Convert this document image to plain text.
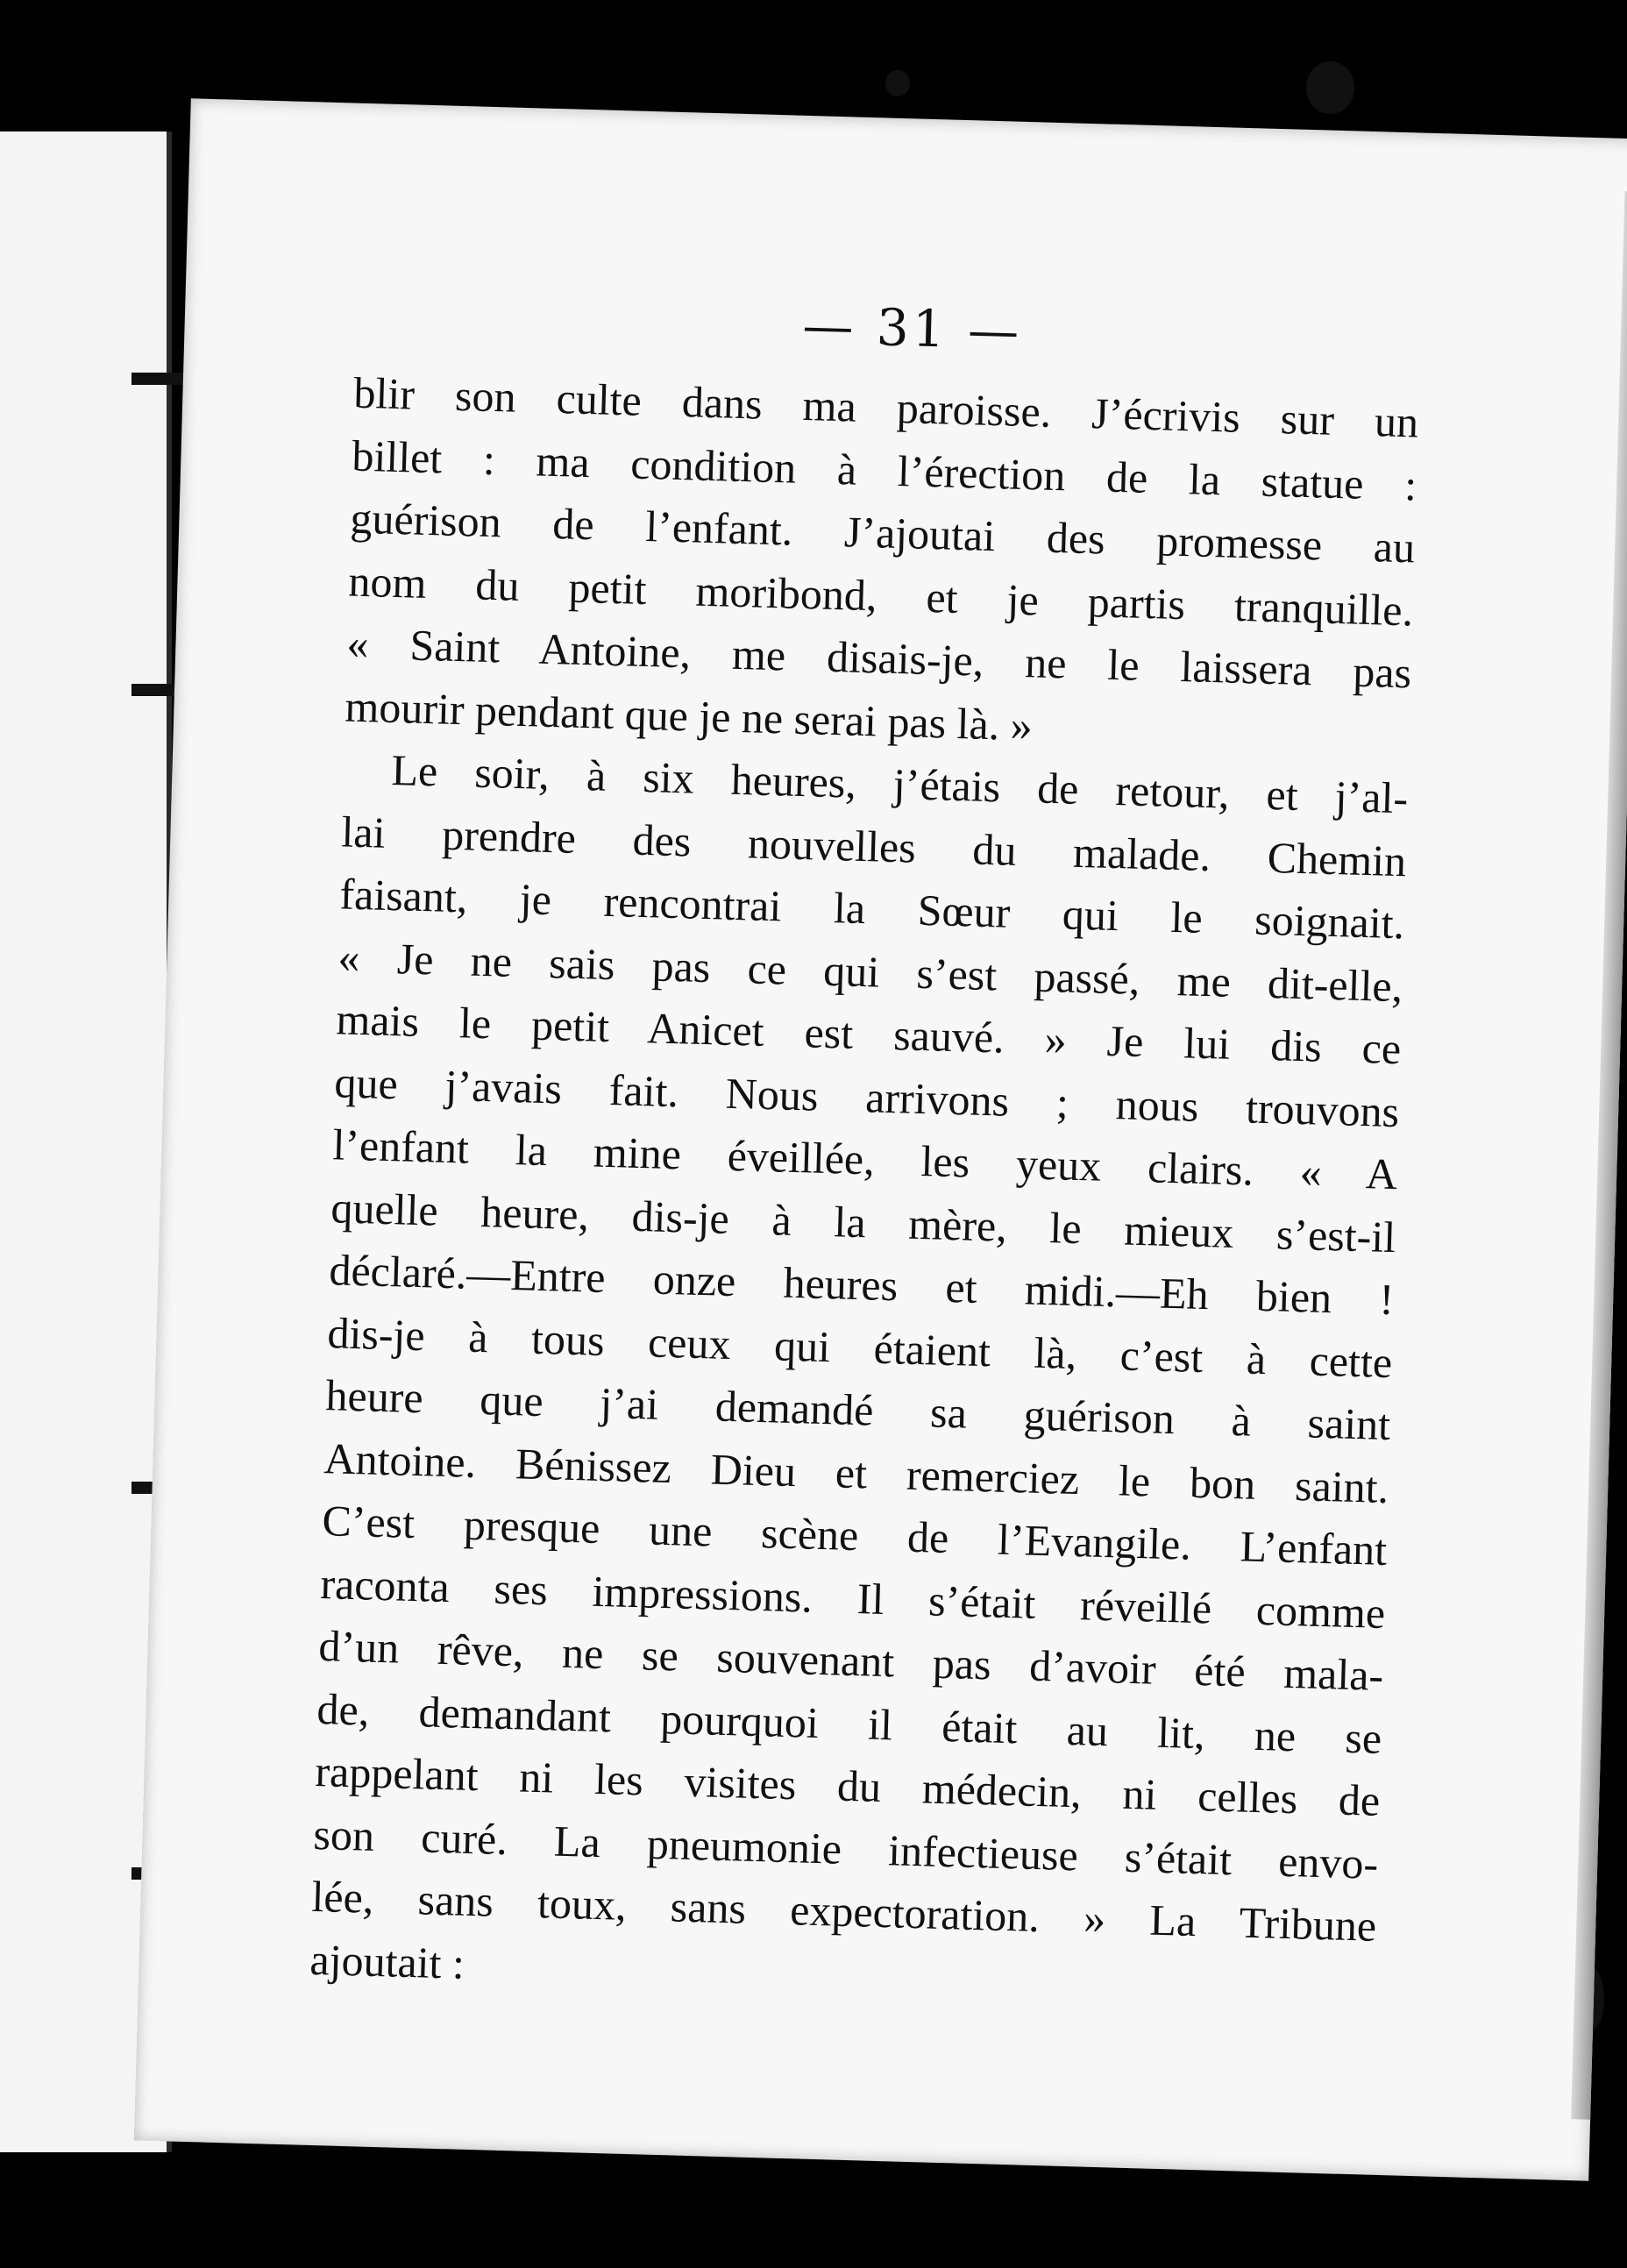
— 31 —
blir son culte dans ma paroisse. J’écrivis sur un
billet : ma condition à l’érection de la statue :
guérison de l’enfant. J’ajoutai des promesse au
nom du petit moribond, et je partis tranquille.
« Saint Antoine, me disais-je, ne le laissera pas
mourir pendant que je ne serai pas là. »
Le soir, à six heures, j’étais de retour, et j’al-
lai prendre des nouvelles du malade. Chemin
faisant, je rencontrai la Sœur qui le soignait.
« Je ne sais pas ce qui s’est passé, me dit-elle,
mais le petit Anicet est sauvé. » Je lui dis ce
que j’avais fait. Nous arrivons ; nous trouvons
l’enfant la mine éveillée, les yeux clairs. « A
quelle heure, dis-je à la mère, le mieux s’est-il
déclaré.—Entre onze heures et midi.—Eh bien !
dis-je à tous ceux qui étaient là, c’est à cette
heure que j’ai demandé sa guérison à saint
Antoine. Bénissez Dieu et remerciez le bon saint.
C’est presque une scène de l’Evangile. L’enfant
raconta ses impressions. Il s’était réveillé comme
d’un rêve, ne se souvenant pas d’avoir été mala-
de, demandant pourquoi il était au lit, ne se
rappelant ni les visites du médecin, ni celles de
son curé. La pneumonie infectieuse s’était envo-
lée, sans toux, sans expectoration. » La Tribune
ajoutait :
